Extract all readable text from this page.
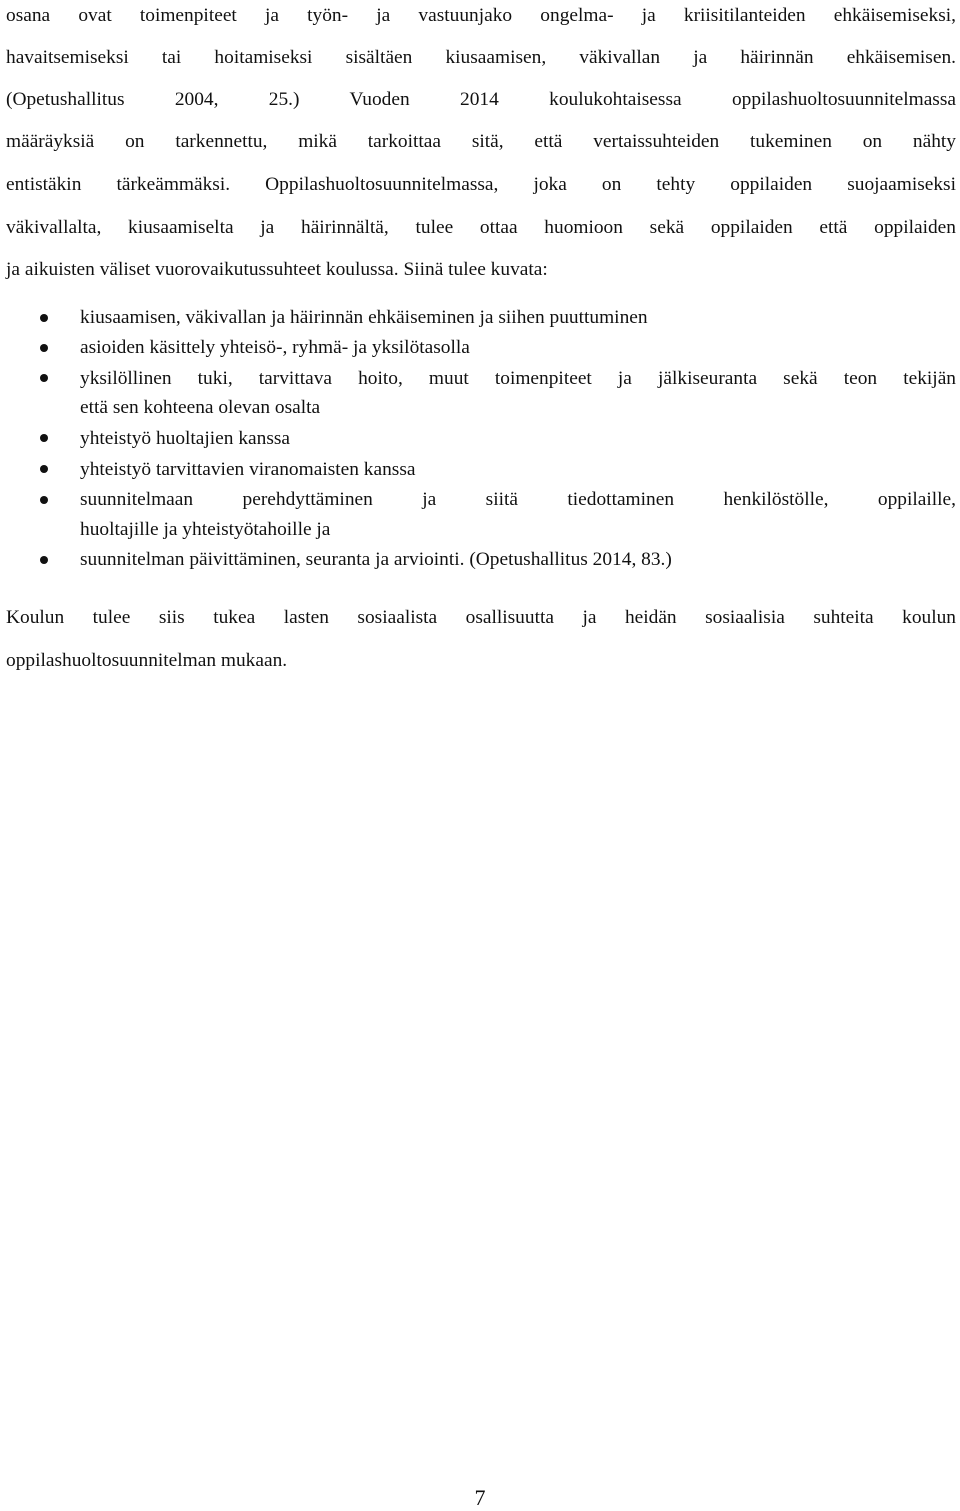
osana ovat toimenpiteet ja työn- ja vastuunjako ongelma- ja kriisitilanteiden ehkäisemiseksi,
havaitsemiseksi tai hoitamiseksi sisältäen kiusaamisen, väkivallan ja häirinnän ehkäisemisen.
(Opetushallitus 2004, 25.) Vuoden 2014 koulukohtaisessa oppilashuoltosuunnitelmassa
määräyksiä on tarkennettu, mikä tarkoittaa sitä, että vertaissuhteiden tukeminen on nähty
entistäkin tärkeämmäksi. Oppilashuoltosuunnitelmassa, joka on tehty oppilaiden suojaamiseksi
väkivallalta, kiusaamiselta ja häirinnältä, tulee ottaa huomioon sekä oppilaiden että oppilaiden
ja aikuisten väliset vuorovaikutussuhteet koulussa. Siinä tulee kuvata:
kiusaamisen, väkivallan ja häirinnän ehkäiseminen ja siihen puuttuminen
asioiden käsittely yhteisö-, ryhmä- ja yksilötasolla
yksilöllinen tuki, tarvittava hoito, muut toimenpiteet ja jälkiseuranta sekä teon tekijän
että sen kohteena olevan osalta
yhteistyö huoltajien kanssa
yhteistyö tarvittavien viranomaisten kanssa
suunnitelmaan perehdyttäminen ja siitä tiedottaminen henkilöstölle, oppilaille,
huoltajille ja yhteistyötahoille ja
suunnitelman päivittäminen, seuranta ja arviointi. (Opetushallitus 2014, 83.)
Koulun tulee siis tukea lasten sosiaalista osallisuutta ja heidän sosiaalisia suhteita koulun
oppilashuoltosuunnitelman mukaan.
7
